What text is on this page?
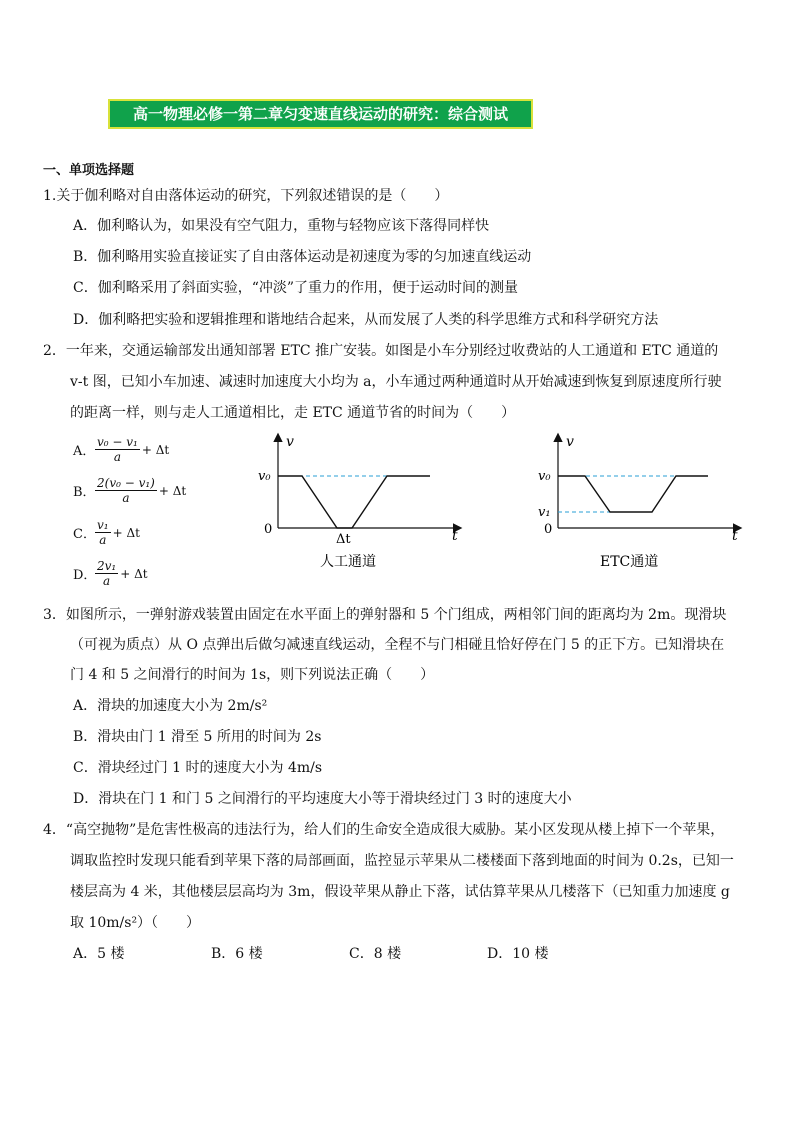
高一物理必修一第二章匀变速直线运动的研究：综合测试
一、单项选择题
1.关于伽利略对自由落体运动的研究，下列叙述错误的是（　　）
A．伽利略认为，如果没有空气阻力，重物与轻物应该下落得同样快
B．伽利略用实验直接证实了自由落体运动是初速度为零的匀加速直线运动
C．伽利略采用了斜面实验，“冲淡”了重力的作用，便于运动时间的测量
D．伽利略把实验和逻辑推理和谐地结合起来，从而发展了人类的科学思维方式和科学研究方法
2．一年来，交通运输部发出通知部署 ETC 推广安装。如图是小车分别经过收费站的人工通道和 ETC 通道的
v-t 图，已知小车加速、减速时加速度大小均为 a，小车通过两种通道时从开始减速到恢复到原速度所行驶
的距离一样，则与走人工通道相比，走 ETC 通道节省的时间为（　　）
A． $\frac{\text{v₀ − v₁}}{a} + \Delta t$
B． $\frac{\text{2(v₀ − v₁)}}{a} + \Delta t$
C． $\frac{\text{v₁}}{a} + \Delta t$
D．
$\frac{\text{2v₁}}{a} + \Delta t$
v
t
v₀
0
Δt
人工通道
v
t
v₀
v₁
0
ETC通道
3．如图所示，一弹射游戏装置由固定在水平面上的弹射器和 5 个门组成，两相邻门间的距离均为 2m。现滑块
（可视为质点）从 O 点弹出后做匀减速直线运动，全程不与门相碰且恰好停在门 5 的正下方。已知滑块在
门 4 和 5 之间滑行的时间为 1s，则下列说法正确（　　）
A．滑块的加速度大小为 2m/s²
B．滑块由门 1 滑至 5 所用的时间为 2s
C．滑块经过门 1 时的速度大小为 4m/s
D．滑块在门 1 和门 5 之间滑行的平均速度大小等于滑块经过门 3 时的速度大小
4．“高空抛物”是危害性极高的违法行为，给人们的生命安全造成很大威胁。某小区发现从楼上掉下一个苹果，
调取监控时发现只能看到苹果下落的局部画面，监控显示苹果从二楼楼面下落到地面的时间为 0.2s，已知一
楼层高为 4 米，其他楼层层高均为 3m，假设苹果从静止下落，试估算苹果从几楼落下（已知重力加速度 g
取 10m/s²）（　　）
A．5 楼	B．6 楼	C．8 楼	D．10 楼
